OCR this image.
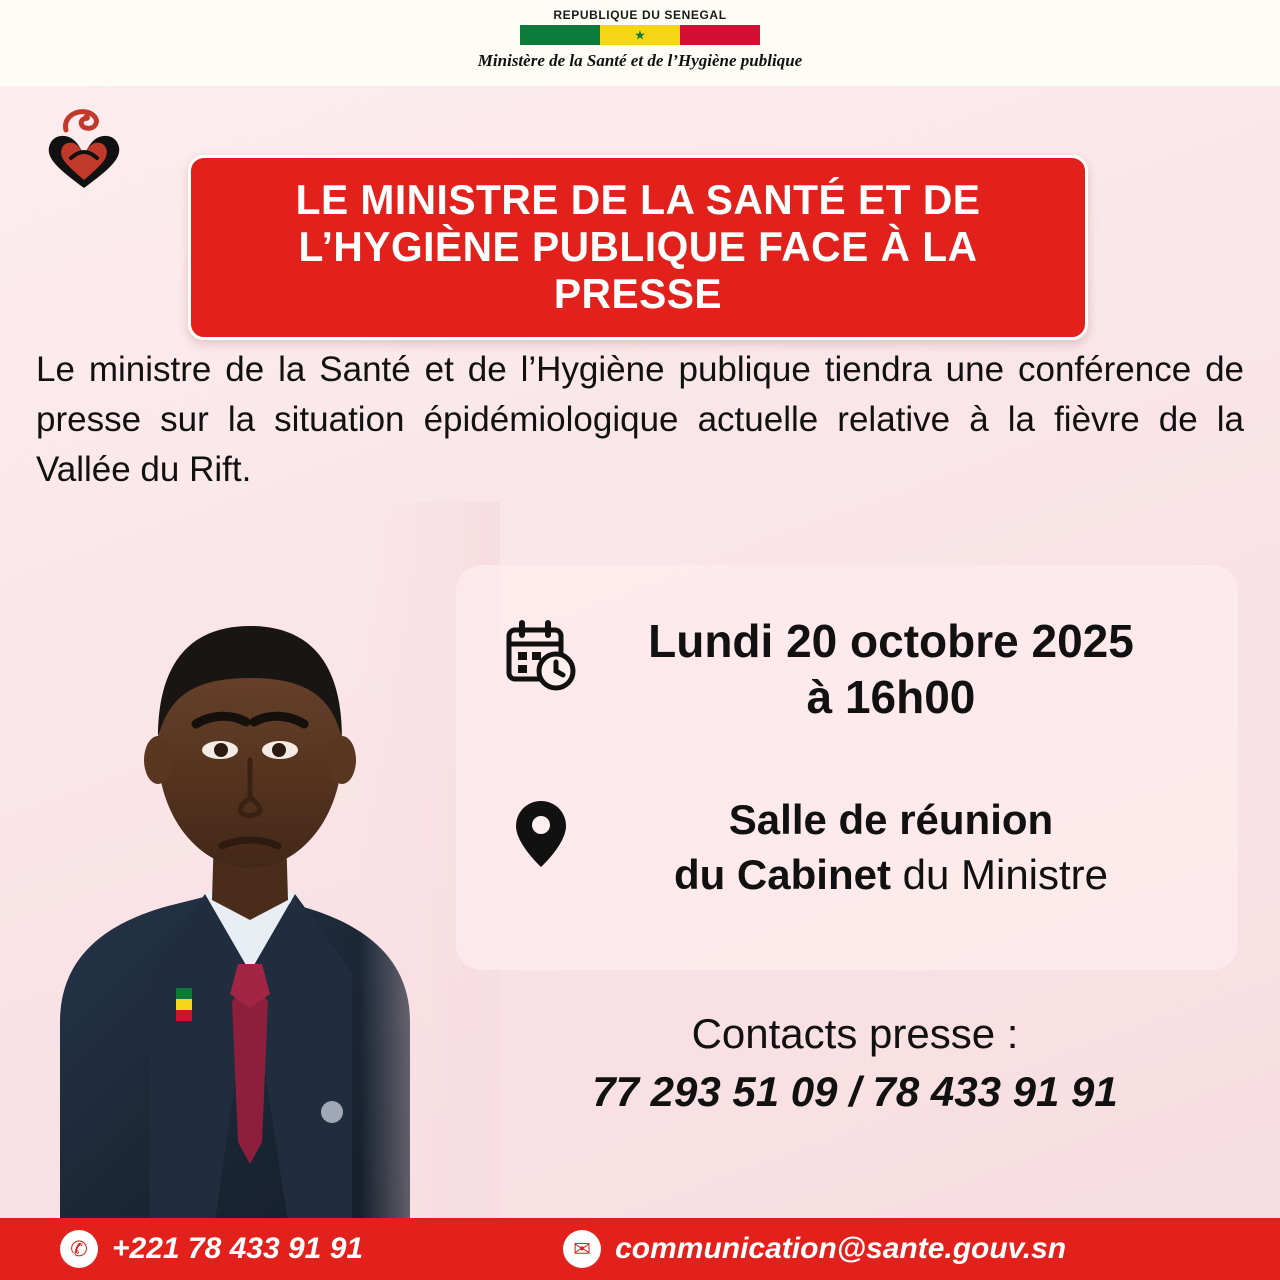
REPUBLIQUE DU SENEGAL
★
Ministère de la Santé et de l’Hygiène publique
LE MINISTRE DE LA SANTÉ ET DE
L’HYGIÈNE PUBLIQUE FACE À LA PRESSE
Le ministre de la Santé et de l’Hygiène publique tiendra une conférence de presse sur la situation épidémiologique actuelle relative à la fièvre de la Vallée du Rift.
Lundi 20 octobre 2025
à 16h00
Salle de réunion
du Cabinet du Ministre
Contacts presse :
77 293 51 09 / 78 433 91 91
✆ +221 78 433 91 91	✉ communication@sante.gouv.sn
